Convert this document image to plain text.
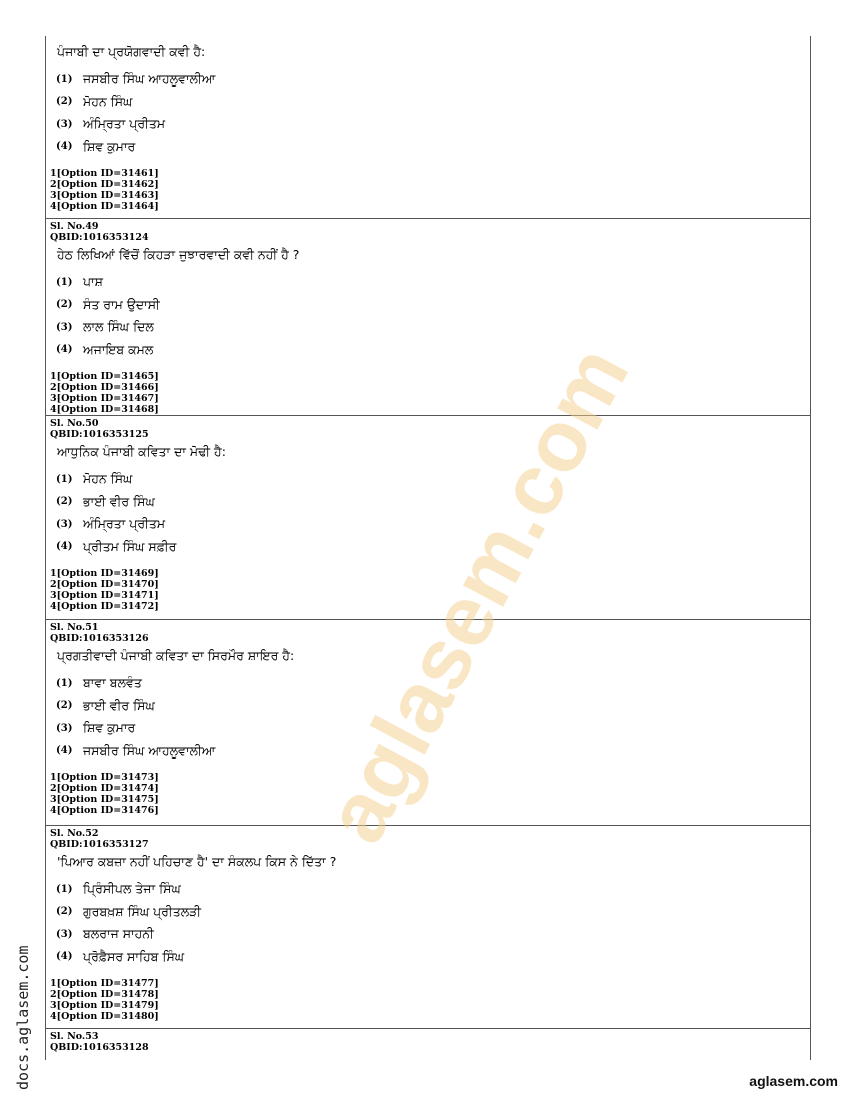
ਪੰਜਾਬੀ ਦਾ ਪ੍ਰਯੋਗਵਾਦੀ ਕਵੀ ਹੈ:
(1) ਜਸਬੀਰ ਸਿੰਘ ਆਹਲੂਵਾਲੀਆ
(2) ਮੋਹਨ ਸਿੰਘ
(3) ਅੰਮ੍ਰਿਤਾ ਪ੍ਰੀਤਮ
(4) ਸ਼ਿਵ ਕੁਮਾਰ
1[Option ID=31461]
2[Option ID=31462]
3[Option ID=31463]
4[Option ID=31464]
Sl. No.49
QBID:1016353124
ਹੇਠ ਲਿਖਿਆਂ ਵਿੱਚੋਂ ਕਿਹੜਾ ਜੁਝਾਰਵਾਦੀ ਕਵੀ ਨਹੀਂ ਹੈ ?
(1) ਪਾਸ਼
(2) ਸੰਤ ਰਾਮ ਉਦਾਸੀ
(3) ਲਾਲ ਸਿੰਘ ਦਿਲ
(4) ਅਜਾਇਬ ਕਮਲ
1[Option ID=31465]
2[Option ID=31466]
3[Option ID=31467]
4[Option ID=31468]
Sl. No.50
QBID:1016353125
ਆਧੁਨਿਕ ਪੰਜਾਬੀ ਕਵਿਤਾ ਦਾ ਮੋਢੀ ਹੈ:
(1) ਮੋਹਨ ਸਿੰਘ
(2) ਭਾਈ ਵੀਰ ਸਿੰਘ
(3) ਅੰਮ੍ਰਿਤਾ ਪ੍ਰੀਤਮ
(4) ਪ੍ਰੀਤਮ ਸਿੰਘ ਸਫ਼ੀਰ
1[Option ID=31469]
2[Option ID=31470]
3[Option ID=31471]
4[Option ID=31472]
Sl. No.51
QBID:1016353126
ਪ੍ਰਗਤੀਵਾਦੀ ਪੰਜਾਬੀ ਕਵਿਤਾ ਦਾ ਸਿਰਮੌਰ ਸ਼ਾਇਰ ਹੈ:
(1) ਬਾਵਾ ਬਲਵੰਤ
(2) ਭਾਈ ਵੀਰ ਸਿੰਘ
(3) ਸ਼ਿਵ ਕੁਮਾਰ
(4) ਜਸਬੀਰ ਸਿੰਘ ਆਹਲੂਵਾਲੀਆ
1[Option ID=31473]
2[Option ID=31474]
3[Option ID=31475]
4[Option ID=31476]
Sl. No.52
QBID:1016353127
'ਪਿਆਰ ਕਬਜ਼ਾ ਨਹੀਂ ਪਹਿਚਾਣ ਹੈ' ਦਾ ਸੰਕਲਪ ਕਿਸ ਨੇ ਦਿੱਤਾ ?
(1) ਪ੍ਰਿੰਸੀਪਲ ਤੇਜਾ ਸਿੰਘ
(2) ਗੁਰਬਖ਼ਸ਼ ਸਿੰਘ ਪ੍ਰੀਤਲੜੀ
(3) ਬਲਰਾਜ ਸਾਹਨੀ
(4) ਪ੍ਰੋਫ਼ੈਸਰ ਸਾਹਿਬ ਸਿੰਘ
1[Option ID=31477]
2[Option ID=31478]
3[Option ID=31479]
4[Option ID=31480]
Sl. No.53
QBID:1016353128
aglasem.com
docs.aglasem.com	aglasem.com
